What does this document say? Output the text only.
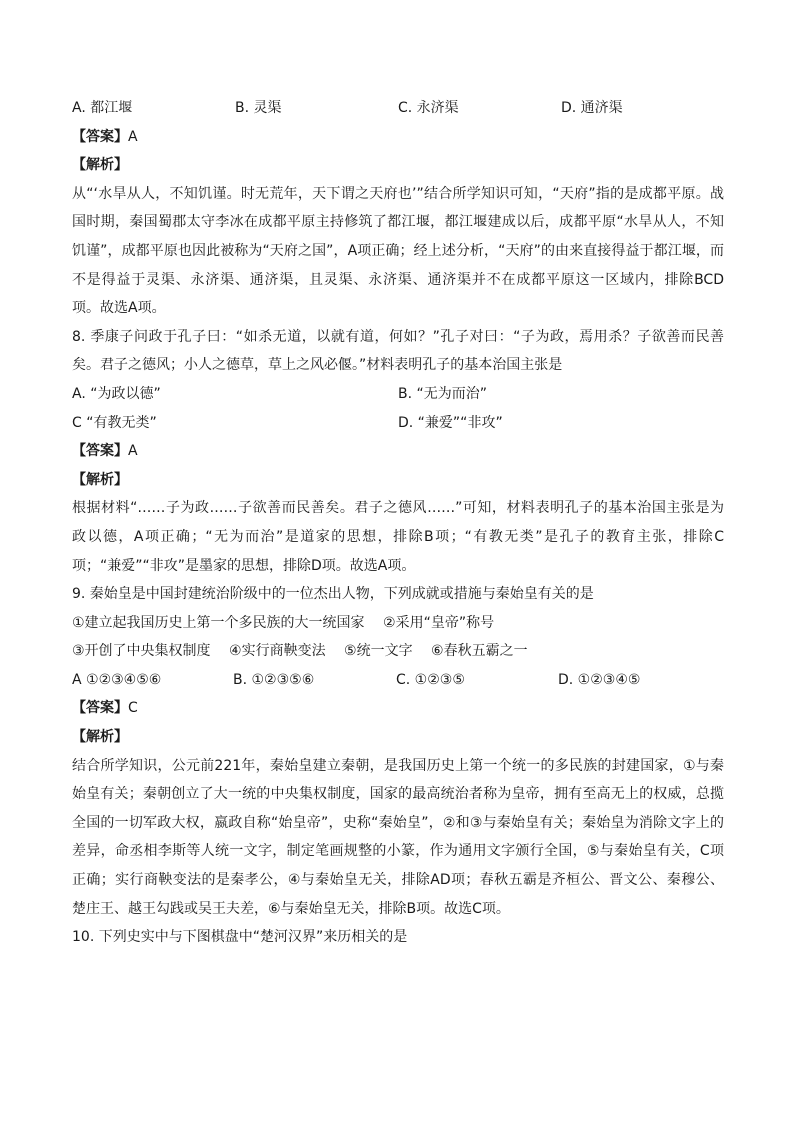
A. 都江堰	B. 灵渠	C. 永济渠	D. 通济渠
【答案】A
【解析】
从“‘水旱从人，不知饥谨。时无荒年，天下谓之天府也’”结合所学知识可知，“天府”指的是成都平原。战
国时期，秦国蜀郡太守李冰在成都平原主持修筑了都江堰，都江堰建成以后，成都平原“水旱从人，不知
饥谨”，成都平原也因此被称为“天府之国”，A项正确；经上述分析，“天府”的由来直接得益于都江堰，而
不是得益于灵渠、永济渠、通济渠，且灵渠、永济渠、通济渠并不在成都平原这一区域内，排除BCD
项。故选A项。
8. 季康子问政于孔子曰：“如杀无道，以就有道，何如？”孔子对曰：“子为政，焉用杀？子欲善而民善
矣。君子之德风；小人之德草，草上之风必偃。”材料表明孔子的基本治国主张是
A. “为政以德”	B. “无为而治”
C “有教无类”	D. “兼爱”“非攻”
【答案】A
【解析】
根据材料“……子为政……子欲善而民善矣。君子之德风……”可知，材料表明孔子的基本治国主张是为
政以德，A项正确；“无为而治”是道家的思想，排除B项；“有教无类”是孔子的教育主张，排除C
项；“兼爱”“非攻”是墨家的思想，排除D项。故选A项。
9. 秦始皇是中国封建统治阶级中的一位杰出人物，下列成就或措施与秦始皇有关的是
①建立起我国历史上第一个多民族的大一统国家 ②采用“皇帝”称号
③开创了中央集权制度 ④实行商鞅变法 ⑤统一文字 ⑥春秋五霸之一
A ①②③④⑤⑥	B. ①②③⑤⑥	C. ①②③⑤	D. ①②③④⑤
【答案】C
【解析】
结合所学知识，公元前221年，秦始皇建立秦朝，是我国历史上第一个统一的多民族的封建国家，①与秦
始皇有关；秦朝创立了大一统的中央集权制度，国家的最高统治者称为皇帝，拥有至高无上的权威，总揽
全国的一切军政大权，嬴政自称“始皇帝”，史称“秦始皇”，②和③与秦始皇有关；秦始皇为消除文字上的
差异，命丞相李斯等人统一文字，制定笔画规整的小篆，作为通用文字颁行全国，⑤与秦始皇有关，C项
正确；实行商鞅变法的是秦孝公，④与秦始皇无关，排除AD项；春秋五霸是齐桓公、晋文公、秦穆公、
楚庄王、越王勾践或吴王夫差，⑥与秦始皇无关，排除B项。故选C项。
10. 下列史实中与下图棋盘中“楚河汉界”来历相关的是
